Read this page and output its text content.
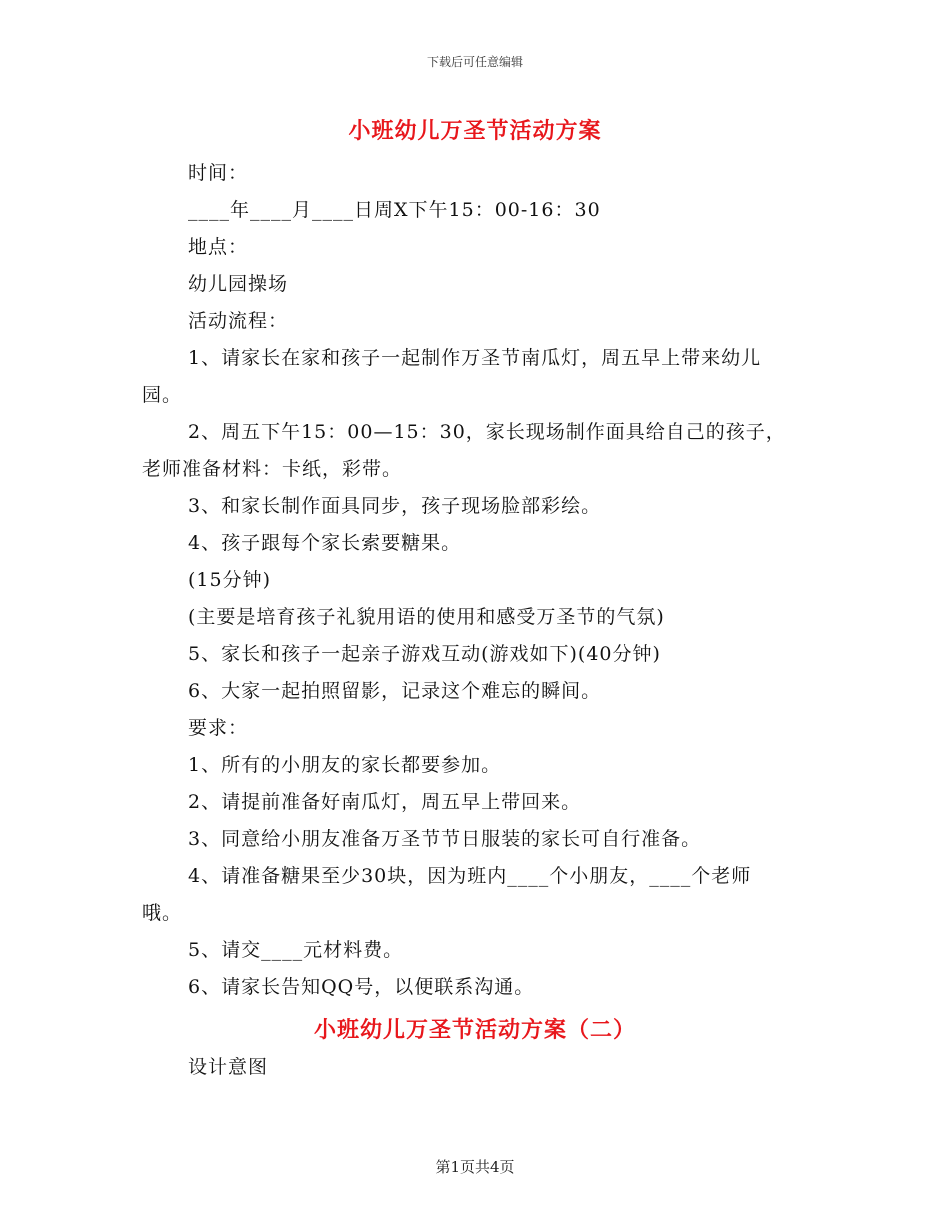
下载后可任意编辑
小班幼儿万圣节活动方案
时间：
____年____月____日周X下午15：00-16：30
地点：
幼儿园操场
活动流程：
1、请家长在家和孩子一起制作万圣节南瓜灯，周五早上带来幼儿
园。
2、周五下午15：00—15：30，家长现场制作面具给自己的孩子，
老师准备材料：卡纸，彩带。
3、和家长制作面具同步，孩子现场脸部彩绘。
4、孩子跟每个家长索要糖果。
(15分钟)
(主要是培育孩子礼貌用语的使用和感受万圣节的气氛)
5、家长和孩子一起亲子游戏互动(游戏如下)(40分钟)
6、大家一起拍照留影，记录这个难忘的瞬间。
要求：
1、所有的小朋友的家长都要参加。
2、请提前准备好南瓜灯，周五早上带回来。
3、同意给小朋友准备万圣节节日服装的家长可自行准备。
4、请准备糖果至少30块，因为班内____个小朋友，____个老师
哦。
5、请交____元材料费。
6、请家长告知QQ号，以便联系沟通。
小班幼儿万圣节活动方案（二）
设计意图
第1页共4页
